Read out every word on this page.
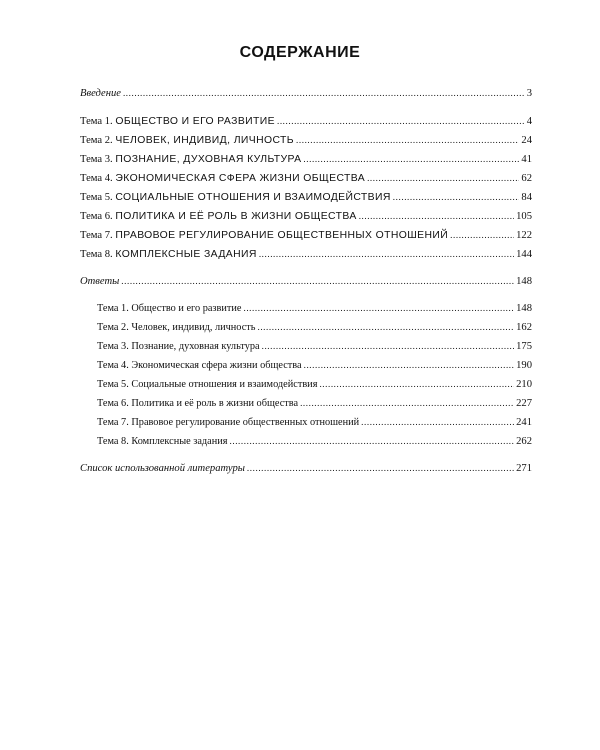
СОДЕРЖАНИЕ
Введение .....	3
Тема 1. ОБЩЕСТВО И ЕГО РАЗВИТИЕ .....	4
Тема 2. ЧЕЛОВЕК, ИНДИВИД, ЛИЧНОСТЬ .....	24
Тема 3. ПОЗНАНИЕ, ДУХОВНАЯ КУЛЬТУРА .....	41
Тема 4. ЭКОНОМИЧЕСКАЯ СФЕРА ЖИЗНИ ОБЩЕСТВА .....	62
Тема 5. СОЦИАЛЬНЫЕ ОТНОШЕНИЯ И ВЗАИМОДЕЙСТВИЯ .....	84
Тема 6. ПОЛИТИКА И ЕЁ РОЛЬ В ЖИЗНИ ОБЩЕСТВА .....	105
Тема 7. ПРАВОВОЕ РЕГУЛИРОВАНИЕ ОБЩЕСТВЕННЫХ ОТНОШЕНИЙ .....	122
Тема 8. КОМПЛЕКСНЫЕ ЗАДАНИЯ .....	144
Ответы .....	148
Тема 1. Общество и его развитие .....	148
Тема 2. Человек, индивид, личность .....	162
Тема 3. Познание, духовная культура .....	175
Тема 4. Экономическая сфера жизни общества .....	190
Тема 5. Социальные отношения и взаимодействия .....	210
Тема 6. Политика и её роль в жизни общества .....	227
Тема 7. Правовое регулирование общественных отношений .....	241
Тема 8. Комплексные задания .....	262
Список использованной литературы .....	271
